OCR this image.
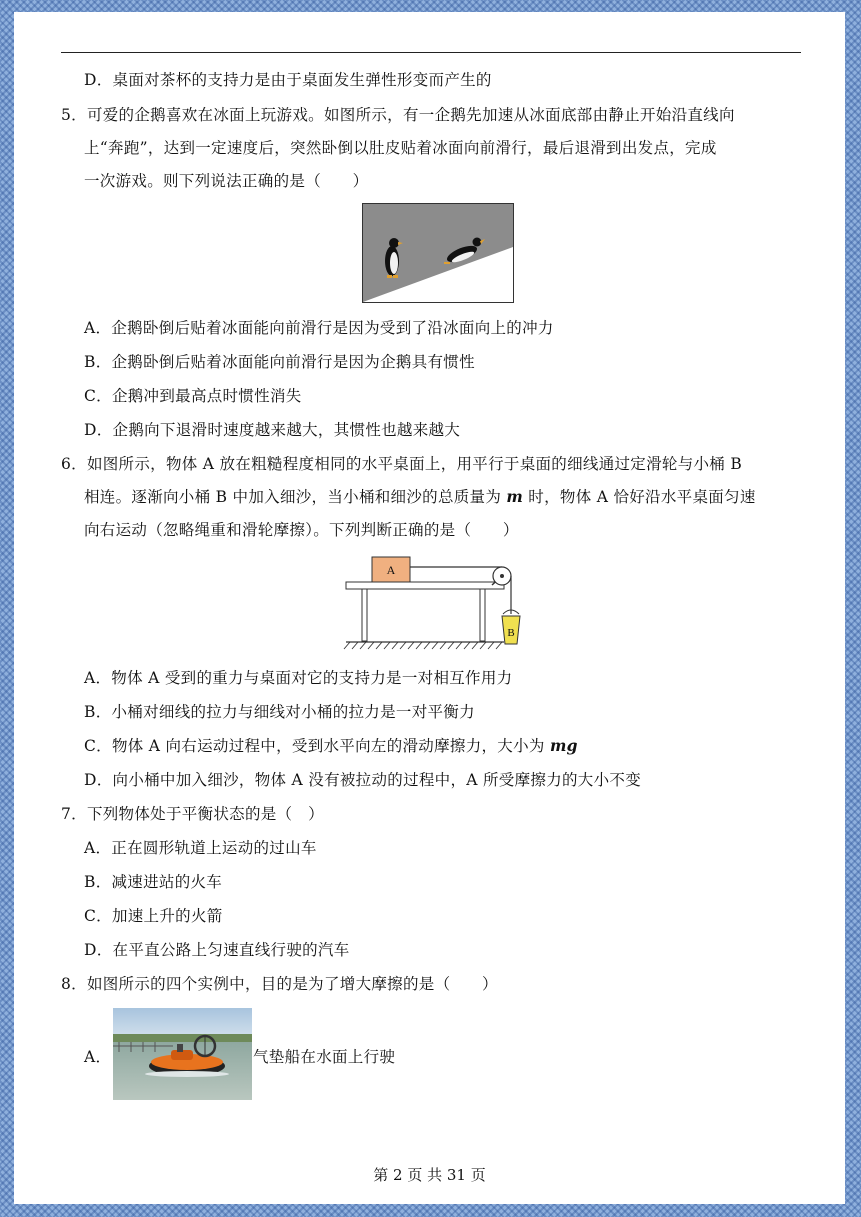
D．桌面对茶杯的支持力是由于桌面发生弹性形变而产生的
5．可爱的企鹅喜欢在冰面上玩游戏。如图所示，有一企鹅先加速从冰面底部由静止开始沿直线向
上“奔跑”，达到一定速度后，突然卧倒以肚皮贴着冰面向前滑行，最后退滑到出发点，完成
一次游戏。则下列说法正确的是（　　）
A．企鹅卧倒后贴着冰面能向前滑行是因为受到了沿冰面向上的冲力
B．企鹅卧倒后贴着冰面能向前滑行是因为企鹅具有惯性
C．企鹅冲到最高点时惯性消失
D．企鹅向下退滑时速度越来越大，其惯性也越来越大
6．如图所示，物体 A 放在粗糙程度相同的水平桌面上，用平行于桌面的细线通过定滑轮与小桶 B
相连。逐渐向小桶 B 中加入细沙，当小桶和细沙的总质量为 m 时，物体 A 恰好沿水平桌面匀速
向右运动（忽略绳重和滑轮摩擦）。下列判断正确的是（　　）
A
B
A．物体 A 受到的重力与桌面对它的支持力是一对相互作用力
B．小桶对细线的拉力与细线对小桶的拉力是一对平衡力
C．物体 A 向右运动过程中，受到水平向左的滑动摩擦力，大小为 mg
D．向小桶中加入细沙，物体 A 没有被拉动的过程中，A 所受摩擦力的大小不变
7．下列物体处于平衡状态的是（　）
A．正在圆形轨道上运动的过山车
B．减速进站的火车
C．加速上升的火箭
D．在平直公路上匀速直线行驶的汽车
8．如图所示的四个实例中，目的是为了增大摩擦的是（　　）
A．	气垫船在水面上行驶
第 2 页 共 31 页
